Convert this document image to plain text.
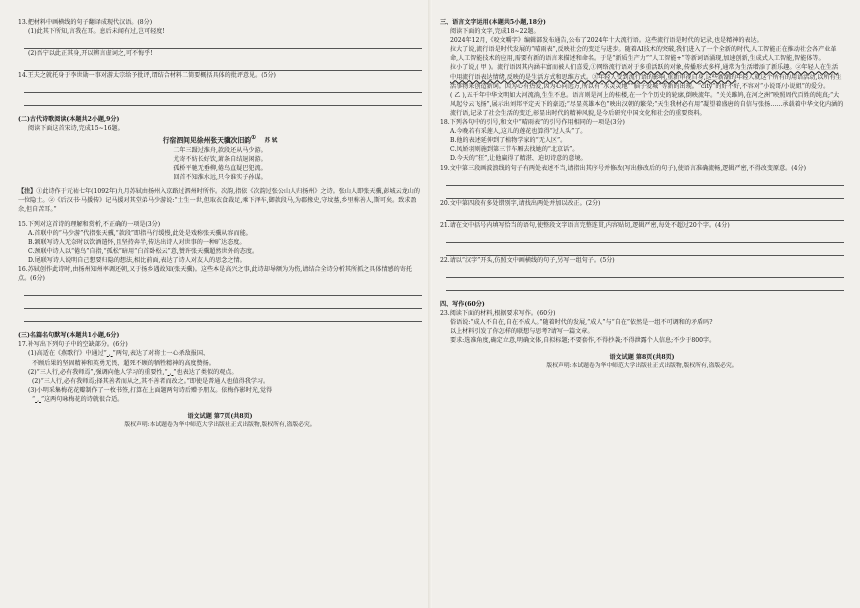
13.把材料中画横线的句子翻译成现代汉语。(8分)

(1)此其下所知,言我在耳。息后未闻有过,岂可轻度!

(2)吾宁以此正其身,开以辨言虚词之,可不悔乎!

14.王夫之就托身于李世勋一事对游太宗给予批评,谓结合材料二简要概括具体的批评意见。(5分)

(二)古代诗歌阅读(本题共2小题,9分)

阅读下面这首宋诗,完成15~16题。

行宿泗间见徐州张天骥次旧韵① 苏 轼

二年三蹑过淮舟,款段还从马少游。

尤寄不妨长好饮,萧条自结退闲游。

孤桥平驰无垂柳,倦鸟直疑巴犯流。

回首不知淮水远,只今谁实子孙谋。

【注】①此诗作于元祐七年(1092年)九月苏轼由扬州入京路过泗州时所作。次韵,指依《次韵过张公山人归扬州》之诗。张山人即张天骥,彭城云龙山的一位隐士。②《后汉书·马援传》记马援对其堂弟马少游说:“士生一世,但取衣食裁足,乘下泽车,御款段马,为郡掾史,守坟墓,乡里称善人,斯可矣。致求盈余,但自苦耳。”

15.下列对这首诗的理解和赏析,不正确的一项是(3分)

A.首联中的“马少游”代指张天骥,“款段”即指马行缓慢,此处是戏称张天骥从容而能。

B.颔联写诗人无奈时以饮酒遣怀,且坚持奔半,传达出诗人对世事的一种旷达态度。

C.颈联中诗人以“倦鸟”自指,“孤松”暗用“白首卧松云”意,赞许张天骥超然世外的态度。

D.尾联写诗人说明自己想要归隐的想法,相比前面,表达了诗人对友人的思念之情。

16.苏轼创作此诗时,由扬州知州率调还朝,又于扬乡遇故知(张天骥)。这些本是高兴之事,此诗却导额为为伤,请结合全诗分析其所抓之具体情感的寄托点。(6分)

(三)名篇名句默写(本题共1小题,6分)

17.补写出下列句子中的空缺部分。(6分)

(1)高适在《燕歌行》中通过“ , ”两句,表达了对将士一心杀敌报国、

不顾后果的坚固精神和英勇无畏、超死不顾的牺牲精神的高度赞扬。

(2)“三人行,必有我师焉”,强调向他人学习的重要性,“ , ”也表达了类似的观点。

(2)“三人行,必有我师焉;择其善者而从之,其不善者而改之。”即使是普通人也值得我学习。

(3)小明采集梅花花瓣制作了一枚书签,打算在上面题两句诗后赠予朋友。依梅作影时光,觉得

“ , ”这两句咏梅花的诗就很合适。

语文试题 第7页(共8页)

版权声明:本试题卷为华中师范大学出版社正式出版物,版权所有,盗版必究。

三、语言文字运用(本题共5小题,18分)

阅读下面的文字,完成18~22题。

2024年12月,《咬文嚼字》编辑部发布通告,公布了2024年十大流行语。这些流行语是时代的记录,也是精神的表达。

拉大了说,流行语是时代发展的“晴雨表”,反映社会的变迁与进步。随着AI技术的突破,我们进入了一个全新的时代,人工智能正在推动社会各产业革命,人工智能技术的应用,需要有新的语言来描述和命名。于是“新质生产力”“人工智能+”等新词语涌现,加速创新,生成式人工智能,智能体等。

拉小了说,( 甲 )。流行语因其内涵丰富而被人们喜爱,①网络流行语对于多重活跃的对象,传播形式多样,通常为生活增添了新乐趣。②年轻人在生活中用流行语表达情绪,反映的是生活方式和思维方式。③年轻人受到流行语的影响,重新审视自身,这些新潮的年轻人就这个所有的用语活动,以所有生活事物来创造新词。因为心有热爱,因为心向远方,所以有“水灵灵地”“脑子爱城”等新的出现。“city”的好不好,不容对“小说哥/小说姐”的爱分。

( 乙 ),五千年中华文明如大河流淌,生生不息。语言则是河上的桂楼,在一个个历史的轮廓,倒映流年。“关关雎鸠,在河之洲”映照周代百姓的纯真;“大风起兮云飞扬”,展示出刘邦平定天下的豪迈;“尽显英雄本色”映出汉朝的繁荣;“天生我材必有用”凝望着盛唐的自信与张扬……承载着中华文化内涵的流行语,记录了社会生活的变迁,彰显出时代的精神风貌,是今后研究中国文化和社会的重要资料。

18.下列各句中的引号,和文中“晴雨表”的引号作用相同的一项是(3分)

A.今晚若有采莲人,这儿的莲花也算得“过人头”了。

B.他的表述延伸到了植物学家的“无人区”。

C.凤娇羽则施到第三节车厢去找她的“北京话”。

D.今天的“狂”,让他赢得了精湛、迫切诗意的意境。

19.文中第三段画波浪线的句子有两处表述不当,请指出其序号并修改(写出修改后的句子),使语言准确流畅,逻辑严密,不得改变原意。(4分)

20.文中第四段有多处错别字,请找出两处并加以改正。(2分)

21.请在文中括号内填写恰当的语句,使整段文字语言完整连贯,内容贴切,逻辑严密,每处不超过20个字。(4分)

22.请以“汉字”开头,仿照文中画横线的句子,另写一组句子。(5分)

四、写作(60分)

23.阅读下面的材料,根据要求写作。(60分)

俗语说:“成人不自在,自在不成人。”随着时代的发展,“成人”与“自在”依然是一组不可调和的矛盾吗?

以上材料引发了你怎样的联想与思考?请写一篇文章。

要求:选准角度,确定立意,明确文体,自拟标题;不要套作,不得抄袭;不得泄露个人信息;不少于800字。

语文试题 第8页(共8页)

版权声明:本试题卷为华中师范大学出版社正式出版物,版权所有,盗版必究。
